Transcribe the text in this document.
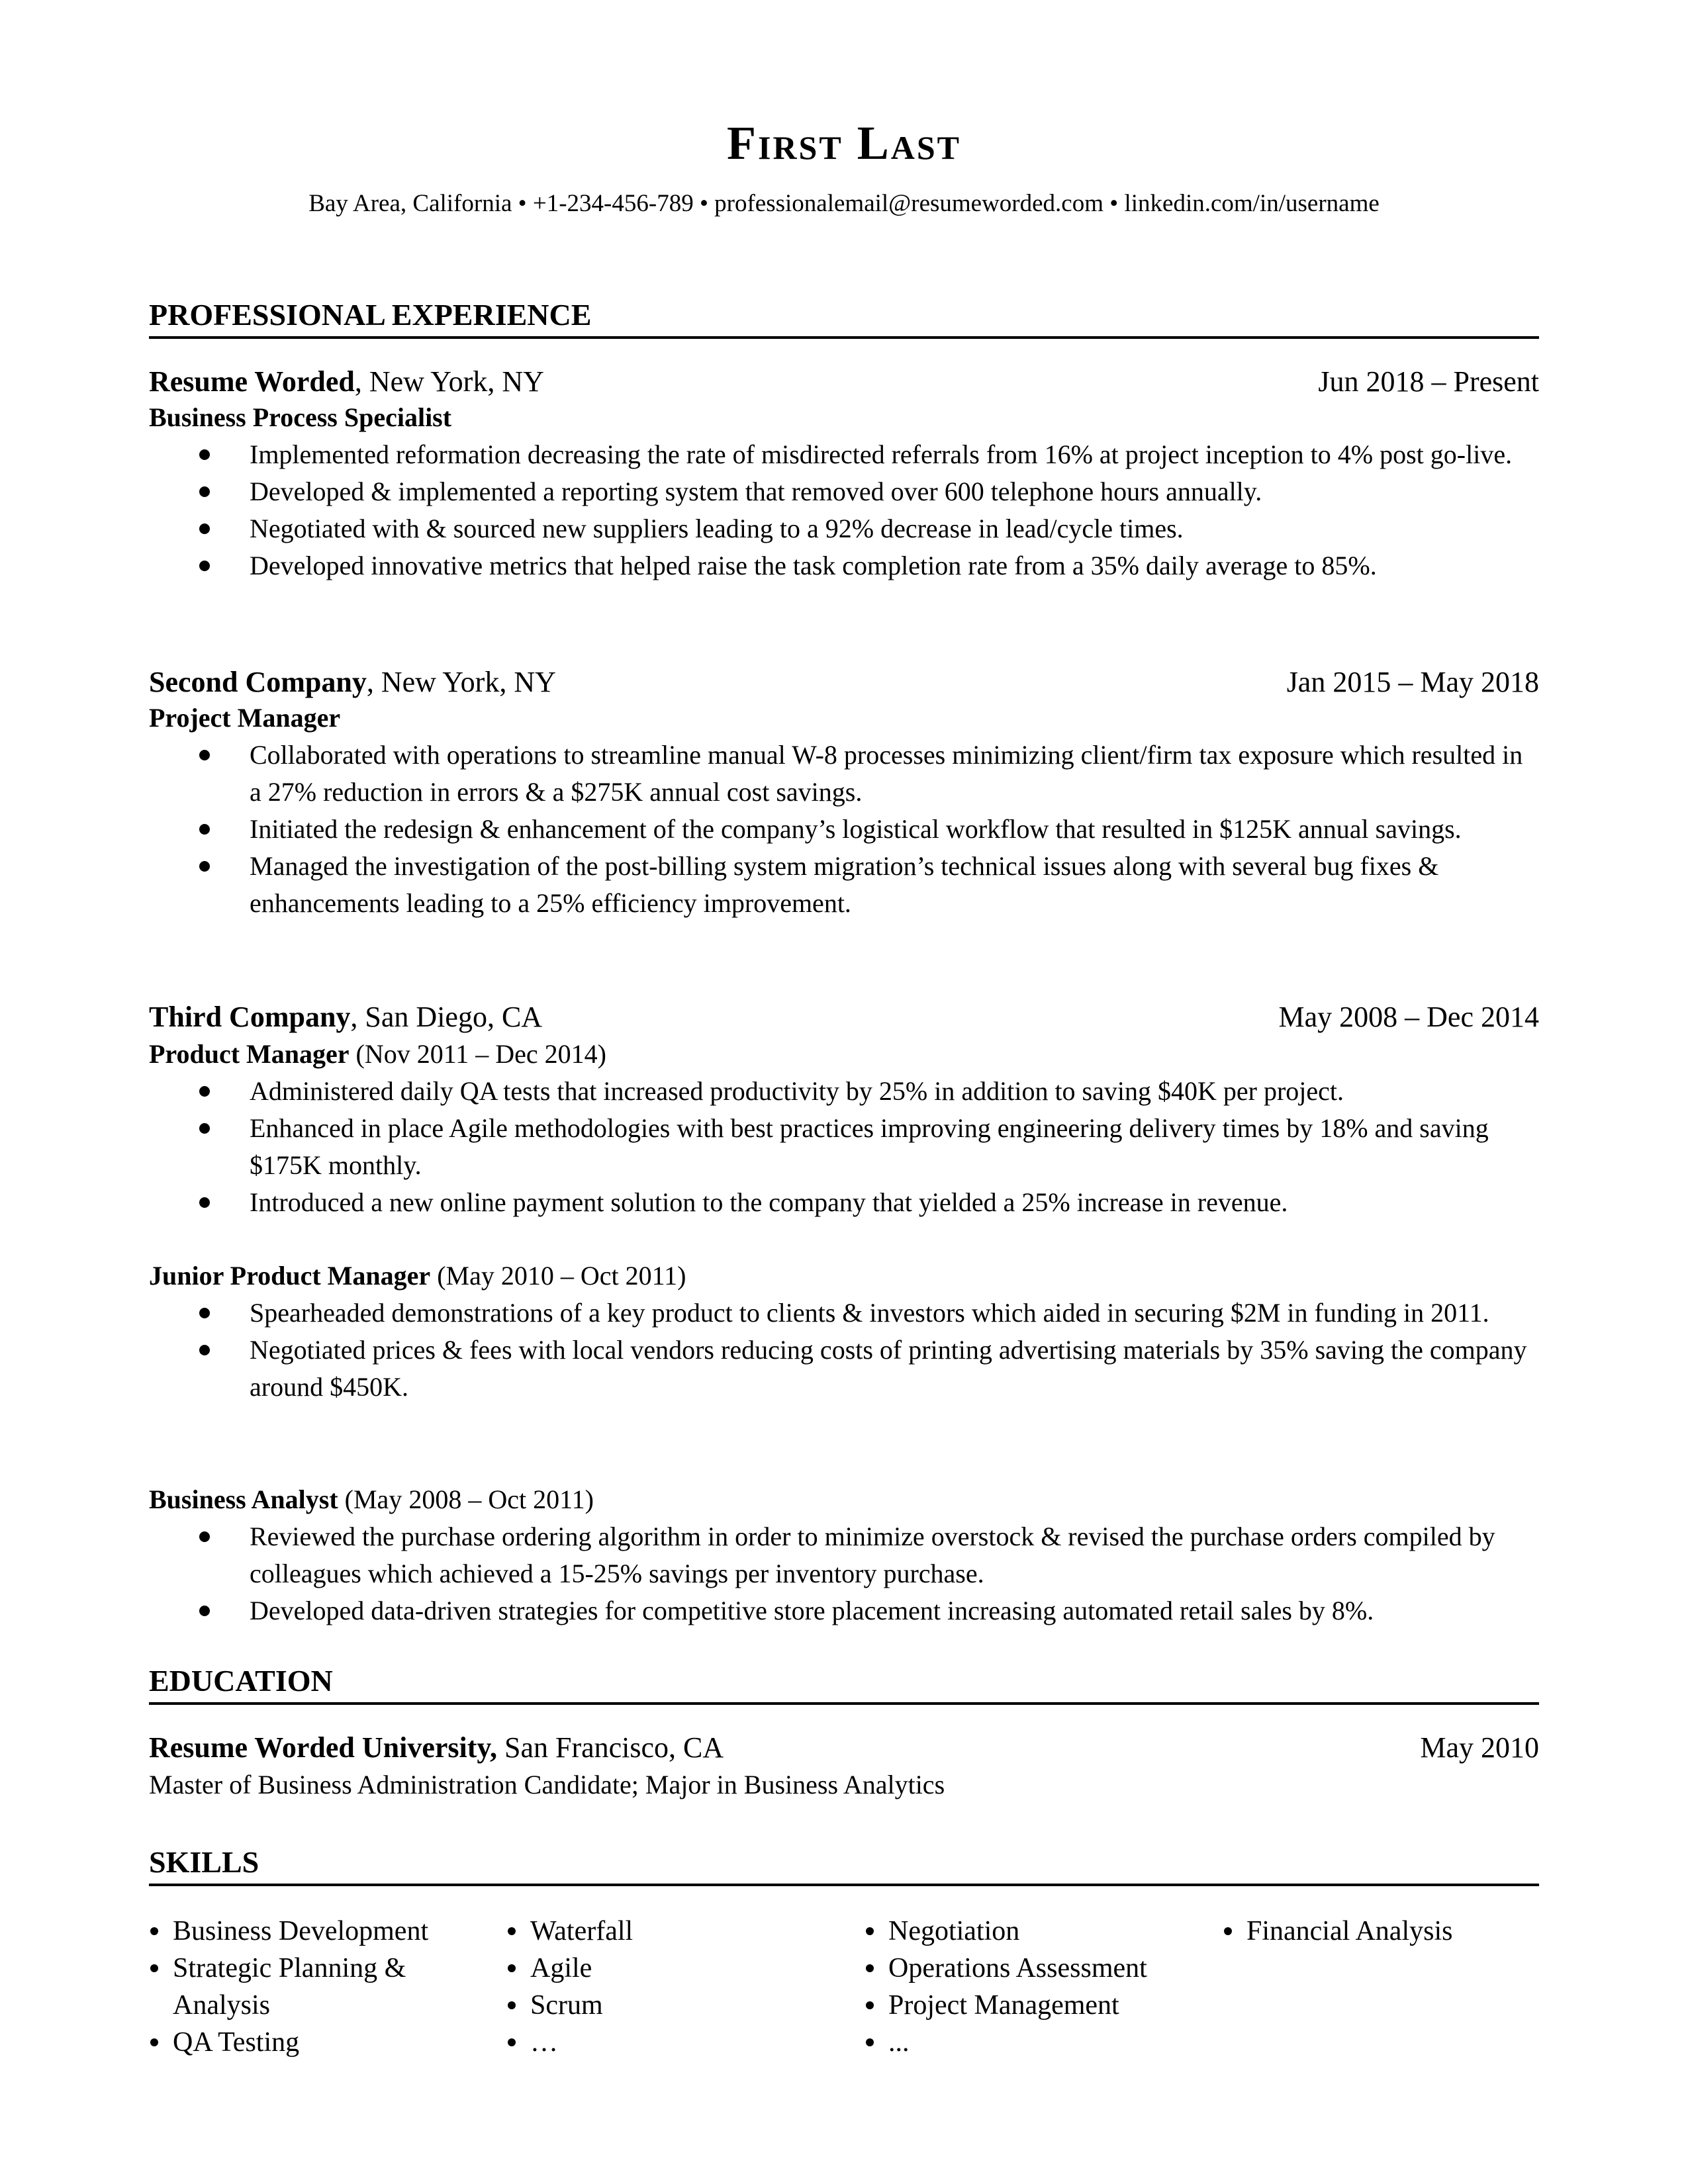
First Last
Bay Area, California • +1-234-456-789 • professionalemail@resumeworded.com • linkedin.com/in/username
PROFESSIONAL EXPERIENCE
Resume Worded, New York, NY	Jun 2018 – Present
Business Process Specialist
Implemented reformation decreasing the rate of misdirected referrals from 16% at project inception to 4% post go-live.
Developed & implemented a reporting system that removed over 600 telephone hours annually.
Negotiated with & sourced new suppliers leading to a 92% decrease in lead/cycle times.
Developed innovative metrics that helped raise the task completion rate from a 35% daily average to 85%.
Second Company, New York, NY	Jan 2015 – May 2018
Project Manager
Collaborated with operations to streamline manual W-8 processes minimizing client/firm tax exposure which resulted in a 27% reduction in errors & a $275K annual cost savings.
Initiated the redesign & enhancement of the company’s logistical workflow that resulted in $125K annual savings.
Managed the investigation of the post-billing system migration’s technical issues along with several bug fixes & enhancements leading to a 25% efficiency improvement.
Third Company, San Diego, CA	May 2008 – Dec 2014
Product Manager (Nov 2011 – Dec 2014)
Administered daily QA tests that increased productivity by 25% in addition to saving $40K per project.
Enhanced in place Agile methodologies with best practices improving engineering delivery times by 18% and saving $175K monthly.
Introduced a new online payment solution to the company that yielded a 25% increase in revenue.
Junior Product Manager (May 2010 – Oct 2011)
Spearheaded demonstrations of a key product to clients & investors which aided in securing $2M in funding in 2011.
Negotiated prices & fees with local vendors reducing costs of printing advertising materials by 35% saving the company around $450K.
Business Analyst (May 2008 – Oct 2011)
Reviewed the purchase ordering algorithm in order to minimize overstock & revised the purchase orders compiled by colleagues which achieved a 15-25% savings per inventory purchase.
Developed data-driven strategies for competitive store placement increasing automated retail sales by 8%.
EDUCATION
Resume Worded University, San Francisco, CA	May 2010
Master of Business Administration Candidate; Major in Business Analytics
SKILLS
Business Development
Strategic Planning & Analysis
QA Testing
Waterfall
Agile
Scrum
…
Negotiation
Operations Assessment
Project Management
...
Financial Analysis
